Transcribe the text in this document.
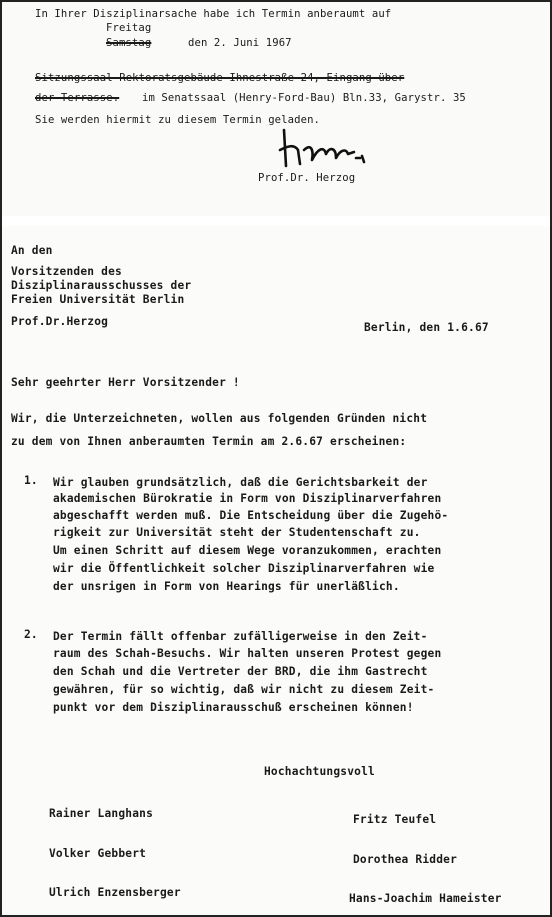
In Ihrer Disziplinarsache habe ich Termin anberaumt auf
Freitag
Samstag	den 2. Juni 1967
Sitzungssaal Rektoratsgebäude Ihnestraße 24, Eingang über
der Terrasse. im Senatssaal (Henry-Ford-Bau) Bln.33, Garystr. 35
Sie werden hiermit zu diesem Termin geladen.
Prof.Dr. Herzog
An den
Vorsitzenden des
Disziplinarausschusses der
Freien Universität Berlin
Prof.Dr.Herzog	Berlin, den 1.6.67
Sehr geehrter Herr Vorsitzender !
Wir, die Unterzeichneten, wollen aus folgenden Gründen nicht
zu dem von Ihnen anberaumten Termin am 2.6.67 erscheinen:
1. Wir glauben grundsätzlich, daß die Gerichtsbarkeit der
akademischen Bürokratie in Form von Disziplinarverfahren
abgeschafft werden muß. Die Entscheidung über die Zugehö-
rigkeit zur Universität steht der Studentenschaft zu.
Um einen Schritt auf diesem Wege voranzukommen, erachten
wir die Öffentlichkeit solcher Disziplinarverfahren wie
der unsrigen in Form von Hearings für unerläßlich.
2. Der Termin fällt offenbar zufälligerweise in den Zeit-
raum des Schah-Besuchs. Wir halten unseren Protest gegen
den Schah und die Vertreter der BRD, die ihm Gastrecht
gewähren, für so wichtig, daß wir nicht zu diesem Zeit-
punkt vor dem Disziplinarausschuß erscheinen können!
Hochachtungsvoll
Rainer Langhans	Fritz Teufel
Volker Gebbert	Dorothea Ridder
Ulrich Enzensberger	Hans-Joachim Hameister
